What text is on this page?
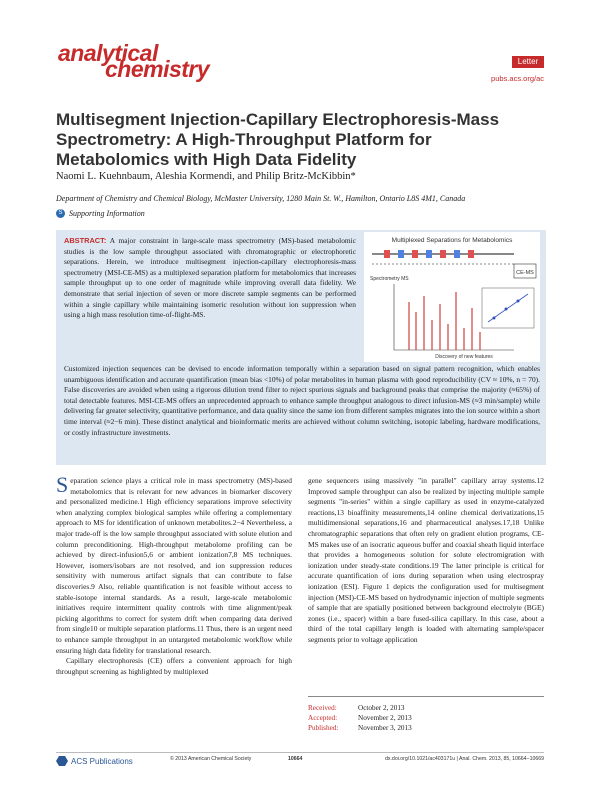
analytical
chemistry	Letter
pubs.acs.org/ac
Multisegment Injection-Capillary Electrophoresis-Mass Spectrometry: A High-Throughput Platform for Metabolomics with High Data Fidelity
Naomi L. Kuehnbaum, Aleshia Kormendi, and Philip Britz-McKibbin*
Department of Chemistry and Chemical Biology, McMaster University, 1280 Main St. W., Hamilton, Ontario L8S 4M1, Canada
S Supporting Information

ABSTRACT: A major constraint in large-scale mass spectrometry (MS)-based metabolomic studies is the low sample throughput associated with chromatographic or electrophoretic separations. Herein, we introduce multisegment injection-capillary electrophoresis-mass spectrometry (MSI-CE-MS) as a multiplexed separation platform for metabolomics that increases sample throughput up to one order of magnitude while improving overall data fidelity. We demonstrate that serial injection of seven or more discrete sample segments can be performed within a single capillary while maintaining isomeric resolution without ion suppression when using a high mass resolution time-of-flight-MS.

Customized injection sequences can be devised to encode information temporally within a separation based on signal pattern recognition, which enables unambiguous identification and accurate quantification (mean bias <10%) of polar metabolites in human plasma with good reproducibility (CV ≈ 10%, n = 70). False discoveries are avoided when using a rigorous dilution trend filter to reject spurious signals and background peaks that comprise the majority (≈65%) of total detectable features. MSI-CE-MS offers an unprecedented approach to enhance sample throughput analogous to direct infusion-MS (≈3 min/sample) while delivering far greater selectivity, quantitative performance, and data quality since the same ion from different samples migrates into the ion source within a short time interval (≈2−6 min). These distinct analytical and bioinformatic merits are achieved without column switching, isotopic labeling, hardware modifications, or costly infrastructure investments.

Multiplexed Separations for Metabolomics
CE-MS
Spectrometry MS
Discovery of new features
Separation science plays a critical role in mass spectrometry (MS)-based metabolomics that is relevant for new advances in biomarker discovery and personalized medicine.1 High efficiency separations improve selectivity when analyzing complex biological samples while offering a complementary approach to MS for identification of unknown metabolites.2−4 Nevertheless, a major trade-off is the low sample throughput associated with solute elution and column preconditioning. High-throughput metabolome profiling can be achieved by direct-infusion5,6 or ambient ionization7,8 MS techniques. However, isomers/isobars are not resolved, and ion suppression reduces sensitivity with numerous artifact signals that can contribute to false discoveries.9 Also, reliable quantification is not feasible without access to stable-isotope internal standards. As a result, large-scale metabolomic initiatives require intermittent quality controls with time alignment/peak picking algorithms to correct for system drift when comparing data derived from single10 or multiple separation platforms.11 Thus, there is an urgent need to enhance sample throughput in an untargeted metabolomic workflow while ensuring high data fidelity for translational research.
Capillary electrophoresis (CE) offers a convenient approach for high throughput screening as highlighted by multiplexed
gene sequencers using massively "in parallel" capillary array systems.12 Improved sample throughput can also be realized by injecting multiple sample segments "in-series" within a single capillary as used in enzyme-catalyzed reactions,13 bioaffinity measurements,14 online chemical derivatizations,15 multidimensional separations,16 and pharmaceutical analyses.17,18 Unlike chromatographic separations that often rely on gradient elution programs, CE-MS makes use of an isocratic aqueous buffer and coaxial sheath liquid interface that provides a homogeneous solution for solute electromigration with ionization under steady-state conditions.19 The latter principle is critical for accurate quantification of ions during separation when using electrospray ionization (ESI). Figure 1 depicts the configuration used for multisegment injection (MSI)-CE-MS based on hydrodynamic injection of multiple segments of sample that are spatially positioned between background electrolyte (BGE) zones (i.e., spacer) within a bare fused-silica capillary. In this case, about a third of the total capillary length is loaded with alternating sample/spacer segments prior to voltage application
Received:	October 2, 2013
Accepted:	November 2, 2013
Published:	November 3, 2013
ACS Publications	© 2013 American Chemical Society	10664	dx.doi.org/10.1021/ac403171u | Anal. Chem. 2013, 85, 10664−10669
